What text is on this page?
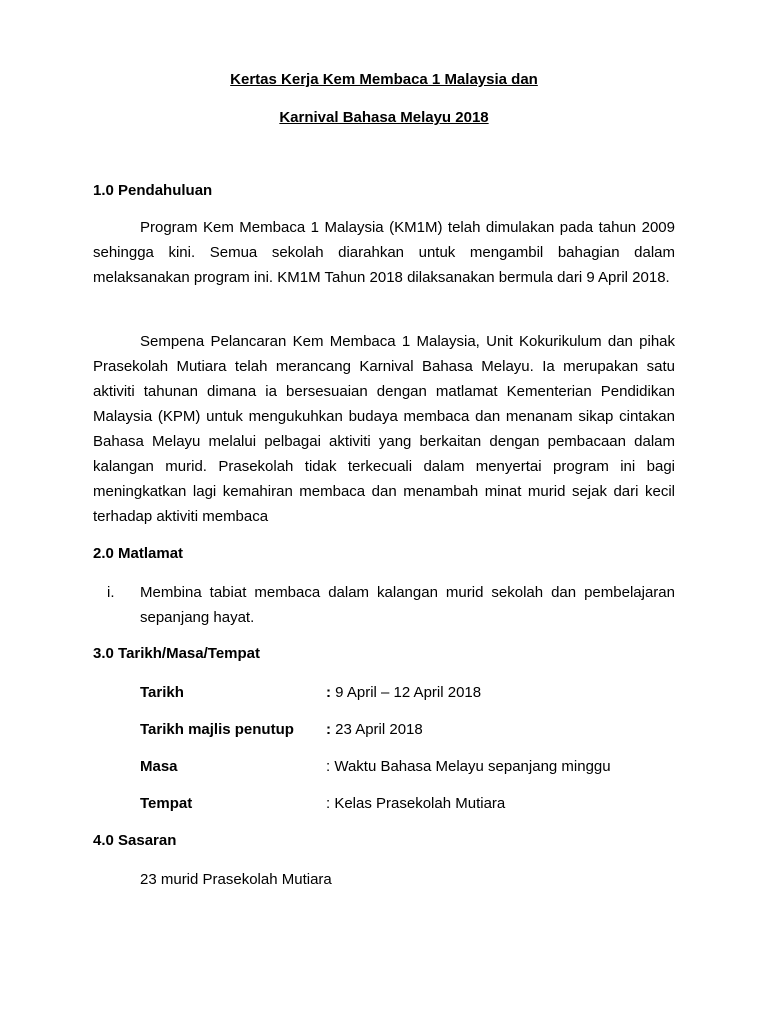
Kertas Kerja Kem Membaca 1 Malaysia dan
Karnival Bahasa Melayu 2018
1.0 Pendahuluan

Program Kem Membaca 1 Malaysia (KM1M) telah dimulakan pada tahun 2009 sehingga kini. Semua sekolah diarahkan untuk mengambil bahagian dalam melaksanakan program ini. KM1M Tahun 2018 dilaksanakan bermula dari 9 April 2018.

Sempena Pelancaran Kem Membaca 1 Malaysia, Unit Kokurikulum dan pihak Prasekolah Mutiara telah merancang Karnival Bahasa Melayu. Ia merupakan satu aktiviti tahunan dimana ia bersesuaian dengan matlamat Kementerian Pendidikan Malaysia (KPM) untuk mengukuhkan budaya membaca dan menanam sikap cintakan Bahasa Melayu melalui pelbagai aktiviti yang berkaitan dengan pembacaan dalam kalangan murid. Prasekolah tidak terkecuali dalam menyertai program ini bagi meningkatkan lagi kemahiran membaca dan menambah minat murid sejak dari kecil terhadap aktiviti membaca

2.0 Matlamat
i. Membina tabiat membaca dalam kalangan murid sekolah dan pembelajaran sepanjang hayat.
3.0 Tarikh/Masa/Tempat
Tarikh	: 9 April – 12 April 2018
Tarikh majlis penutup : 23 April 2018
Masa	: Waktu Bahasa Melayu sepanjang minggu
Tempat	: Kelas Prasekolah Mutiara
4.0 Sasaran
23 murid Prasekolah Mutiara
